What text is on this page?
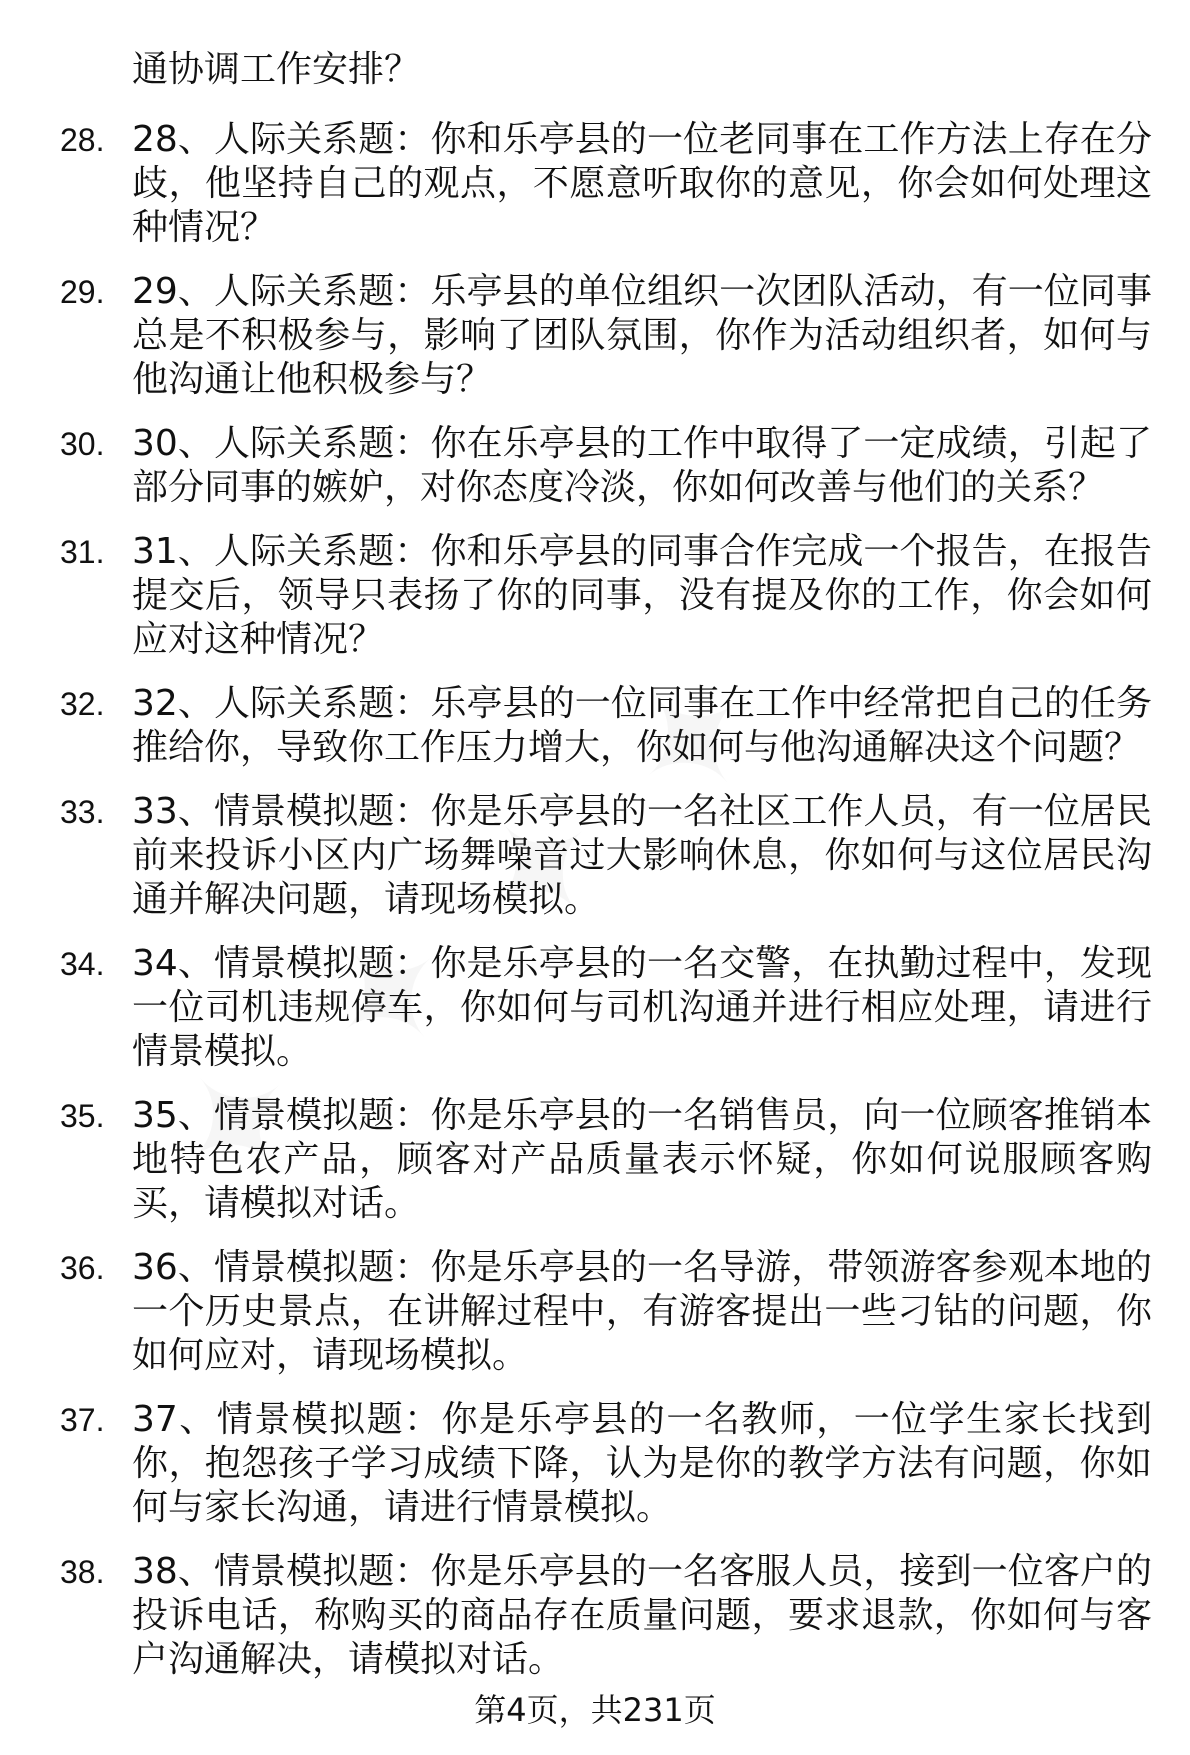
通协调工作安排？
28. 28、人际关系题：你和乐亭县的一位老同事在工作方法上存在分歧，他坚持自己的观点，不愿意听取你的意见，你会如何处理这种情况？
29. 29、人际关系题：乐亭县的单位组织一次团队活动，有一位同事总是不积极参与，影响了团队氛围，你作为活动组织者，如何与他沟通让他积极参与？
30. 30、人际关系题：你在乐亭县的工作中取得了一定成绩，引起了部分同事的嫉妒，对你态度冷淡，你如何改善与他们的关系？
31. 31、人际关系题：你和乐亭县的同事合作完成一个报告，在报告提交后，领导只表扬了你的同事，没有提及你的工作，你会如何应对这种情况？
32. 32、人际关系题：乐亭县的一位同事在工作中经常把自己的任务推给你，导致你工作压力增大，你如何与他沟通解决这个问题？
33. 33、情景模拟题：你是乐亭县的一名社区工作人员，有一位居民前来投诉小区内广场舞噪音过大影响休息，你如何与这位居民沟通并解决问题，请现场模拟。
34. 34、情景模拟题：你是乐亭县的一名交警，在执勤过程中，发现一位司机违规停车，你如何与司机沟通并进行相应处理，请进行情景模拟。
35. 35、情景模拟题：你是乐亭县的一名销售员，向一位顾客推销本地特色农产品，顾客对产品质量表示怀疑，你如何说服顾客购买，请模拟对话。
36. 36、情景模拟题：你是乐亭县的一名导游，带领游客参观本地的一个历史景点，在讲解过程中，有游客提出一些刁钻的问题，你如何应对，请现场模拟。
37. 37、情景模拟题：你是乐亭县的一名教师，一位学生家长找到你，抱怨孩子学习成绩下降，认为是你的教学方法有问题，你如何与家长沟通，请进行情景模拟。
38. 38、情景模拟题：你是乐亭县的一名客服人员，接到一位客户的投诉电话，称购买的商品存在质量问题，要求退款，你如何与客户沟通解决，请模拟对话。
第4页，共231页
